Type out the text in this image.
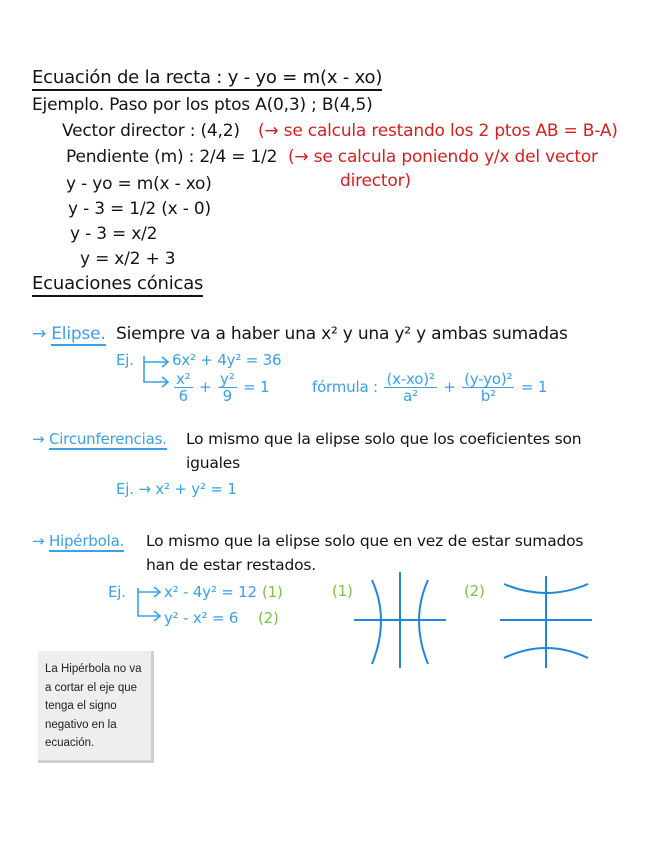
Ecuación de la recta : y - yo = m(x - xo)
Ejemplo. Paso por los ptos A(0,3) ; B(4,5)
Vector director : (4,2) (→ se calcula restando los 2 ptos AB = B-A)
Pendiente (m) : 2/4 = 1/2 (→ se calcula poniendo y/x del vector
director)
y - yo = m(x - xo)
y - 3 = 1/2 (x - 0)
y - 3 = x/2
y = x/2 + 3
Ecuaciones cónicas
→ Elipse. Siempre va a haber una x² y una y² y ambas sumadas
Ej.	6x² + 4y² = 36
$\frac{\text{x²}}{6} + \frac{\text{y²}}{9} = 1$	fórmula : $\frac{\text{(x-xo)²}}{\text{a²}} + \frac{\text{(y-yo)²}}{\text{b²}} = 1$
→ Circunferencias. Lo mismo que la elipse solo que los coeficientes son
iguales
Ej. → x² + y² = 1
→ Hipérbola. Lo mismo que la elipse solo que en vez de estar sumados
han de estar restados.
Ej.	x² - 4y² = 12 (1)
y² - x² = 6 (2)
(1)	(2)
La Hipérbola no va a cortar el eje que tenga el signo negativo en la ecuación.
